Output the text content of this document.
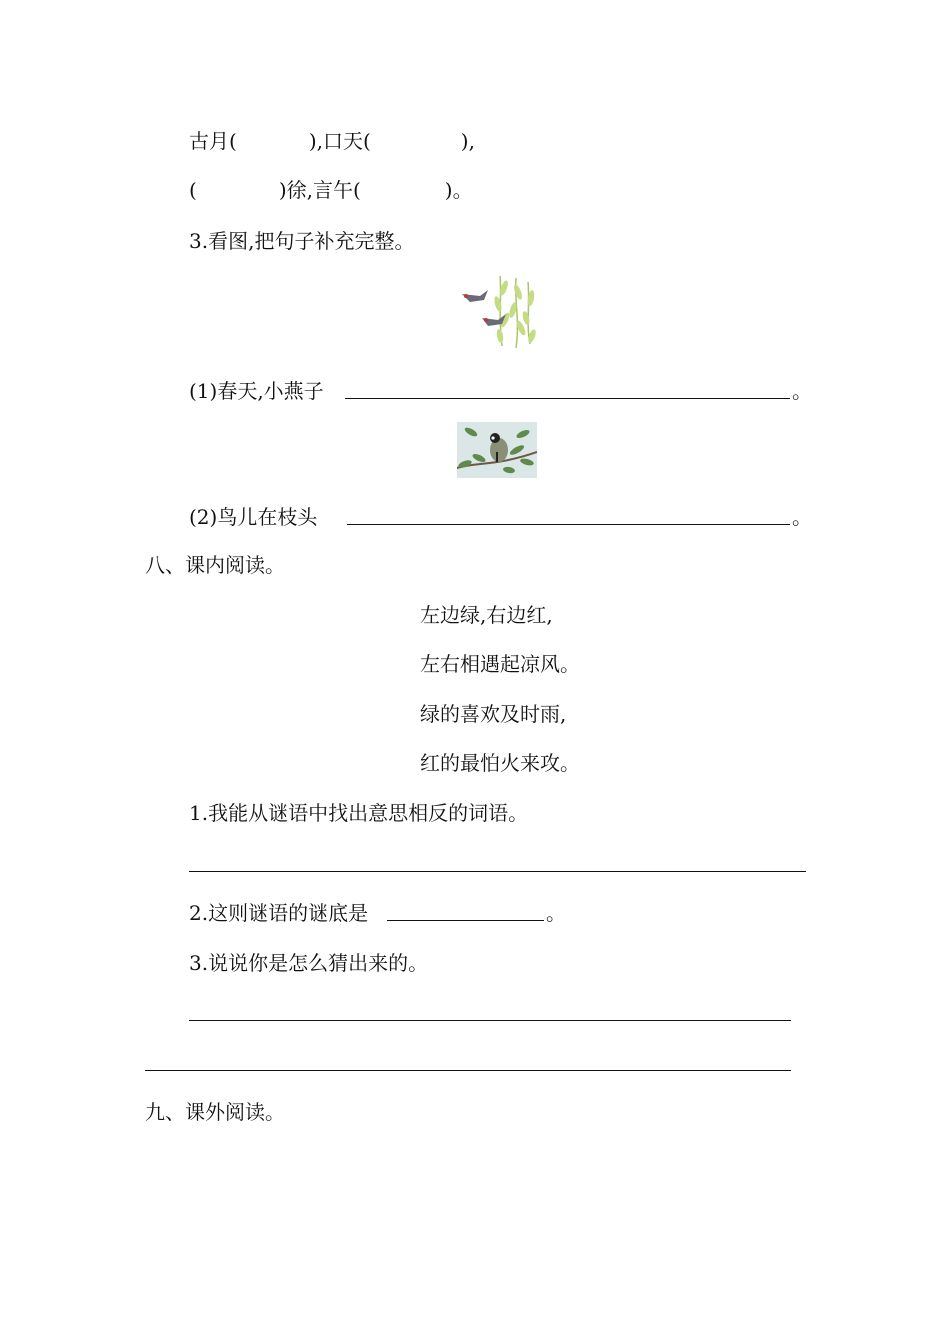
古月(	),口天(	),
(	)徐,言午(	)。
3.看图,把句子补充完整。
(1)春天,小燕子	。
(2)鸟儿在枝头	。
八、课内阅读。
左边绿,右边红,
左右相遇起凉风。
绿的喜欢及时雨,
红的最怕火来攻。
1.我能从谜语中找出意思相反的词语。
2.这则谜语的谜底是	。
3.说说你是怎么猜出来的。
九、课外阅读。
